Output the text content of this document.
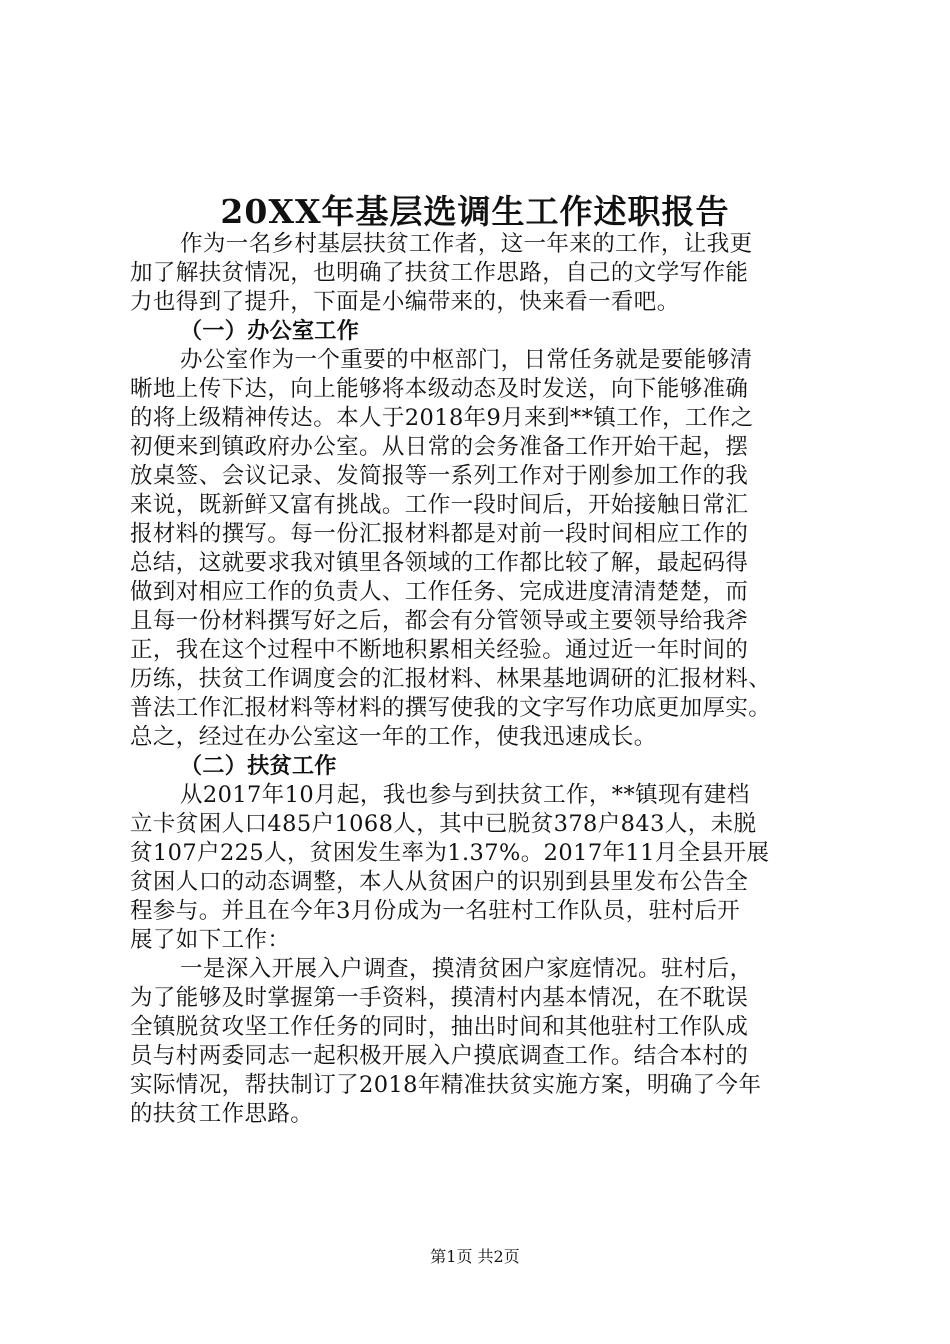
20XX年基层选调生工作述职报告
作为一名乡村基层扶贫工作者，这一年来的工作，让我更
加了解扶贫情况，也明确了扶贫工作思路，自己的文学写作能
力也得到了提升，下面是小编带来的，快来看一看吧。
（一）办公室工作
办公室作为一个重要的中枢部门，日常任务就是要能够清
晰地上传下达，向上能够将本级动态及时发送，向下能够准确
的将上级精神传达。本人于2018年9月来到**镇工作，工作之
初便来到镇政府办公室。从日常的会务准备工作开始干起，摆
放桌签、会议记录、发简报等一系列工作对于刚参加工作的我
来说，既新鲜又富有挑战。工作一段时间后，开始接触日常汇
报材料的撰写。每一份汇报材料都是对前一段时间相应工作的
总结，这就要求我对镇里各领域的工作都比较了解，最起码得
做到对相应工作的负责人、工作任务、完成进度清清楚楚，而
且每一份材料撰写好之后，都会有分管领导或主要领导给我斧
正，我在这个过程中不断地积累相关经验。通过近一年时间的
历练，扶贫工作调度会的汇报材料、林果基地调研的汇报材料、
普法工作汇报材料等材料的撰写使我的文字写作功底更加厚实。
总之，经过在办公室这一年的工作，使我迅速成长。
（二）扶贫工作
从2017年10月起，我也参与到扶贫工作，**镇现有建档
立卡贫困人口485户1068人，其中已脱贫378户843人，未脱
贫107户225人，贫困发生率为1.37%。2017年11月全县开展
贫困人口的动态调整，本人从贫困户的识别到县里发布公告全
程参与。并且在今年3月份成为一名驻村工作队员，驻村后开
展了如下工作：
一是深入开展入户调查，摸清贫困户家庭情况。驻村后，
为了能够及时掌握第一手资料，摸清村内基本情况，在不耽误
全镇脱贫攻坚工作任务的同时，抽出时间和其他驻村工作队成
员与村两委同志一起积极开展入户摸底调查工作。结合本村的
实际情况，帮扶制订了2018年精准扶贫实施方案，明确了今年
的扶贫工作思路。
第1页 共2页
